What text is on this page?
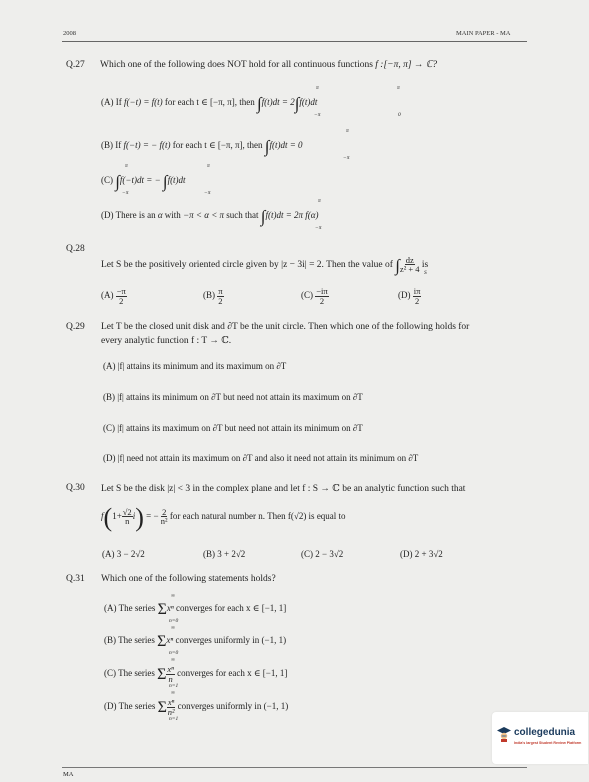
2008	MAIN PAPER - MA
Q.27 Which one of the following does NOT hold for all continuous functions f :[−π, π] → ℂ?
(A) If f(−t) = f(t) for each t ∈ [−π, π], then ∫f(t)dt = 2∫f(t)dt
π
−π
π
0
(B) If f(−t) = − f(t) for each t ∈ [−π, π], then ∫f(t)dt = 0
π
−π
(C) ∫f(−t)dt = − ∫f(t)dt
π
−π
π
−π
(D) There is an α with −π < α < π such that ∫f(t)dt = 2π f(α)
π
−π
Q.28
Let S be the positively oriented circle given by |z − 3i| = 2. Then the value of ∫ $\frac{dz}{\text{z² + 4}}$ is
S
$(A) \frac{-\pi}{2}$	$(B) \frac{\pi}{2}$	$(C) \frac{-i\pi}{2}$	$(D) \frac{i\pi}{2}$
Q.29 Let T be the closed unit disk and ∂T be the unit circle. Then which one of the following holds for
every analytic function f : T → ℂ.
(A) |f| attains its minimum and its maximum on ∂T
(B) |f| attains its minimum on ∂T but need not attain its maximum on ∂T
(C) |f| attains its maximum on ∂T but need not attain its minimum on ∂T
(D) |f| need not attain its maximum on ∂T and also it need not attain its minimum on ∂T
Q.30 Let S be the disk |z| < 3 in the complex plane and let f : S → ℂ be an analytic function such that
$f(1+ \frac{√2}{n} i)$ = − $\frac{2}{\text{n²}}$ for each natural number n. Then f(√2) is equal to
(A) 3 − 2√2	(B) 3 + 2√2	(C) 2 − 3√2	(D) 2 + 3√2
Q.31 Which one of the following statements holds?
(A) The series Σxⁿ converges for each x ∈ [−1, 1]
∞
n=0
(B) The series Σxⁿ converges uniformly in (−1, 1)
∞
n=0
(C) The series Σ $\frac{\text{xⁿ}}{n}$ converges for each x ∈ [−1, 1]
∞
n=1
(D) The series Σ $\frac{\text{xⁿ}}{\text{n²}}$ converges uniformly in (−1, 1)
∞
n=1
collegedunia
India's largest Student Review Platform
MA
